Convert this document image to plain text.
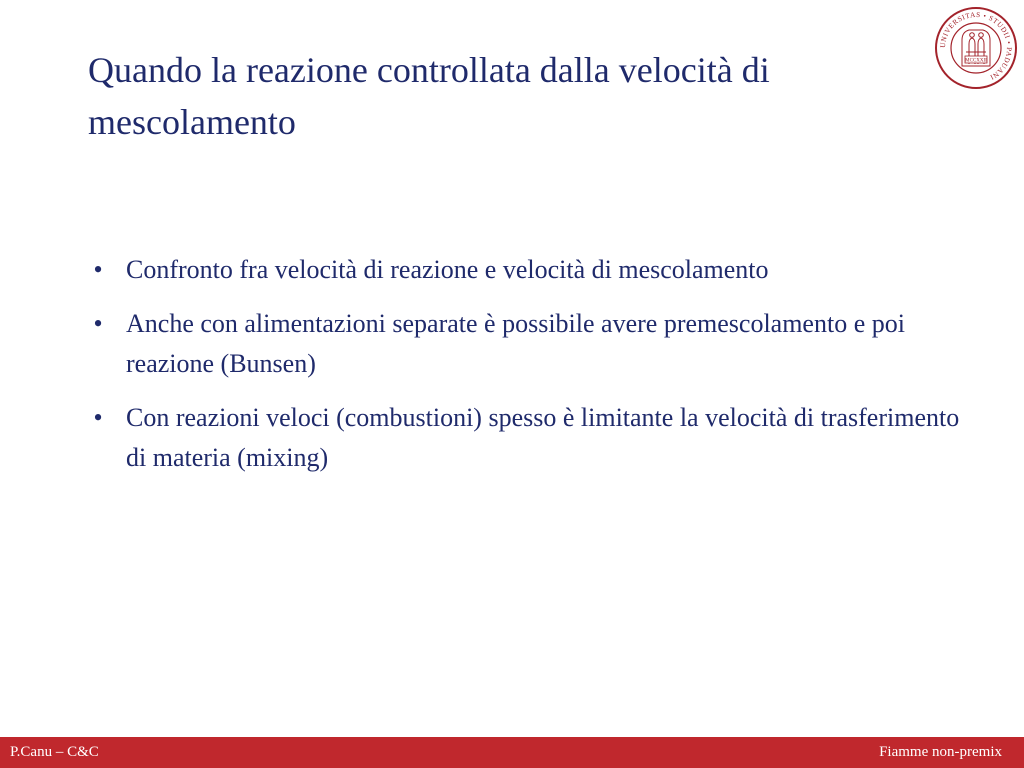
Quando la reazione controllata dalla velocità di mescolamento
UNIVERSITAS • STUDII • PADUANI
MCCXXII
• Confronto fra velocità di reazione e velocità di mescolamento
• Anche con alimentazioni separate è possibile avere premescolamento e poi reazione (Bunsen)
• Con reazioni veloci (combustioni) spesso è limitante la velocità di trasferimento di materia (mixing)
P.Canu – C&C	Fiamme non-premix
